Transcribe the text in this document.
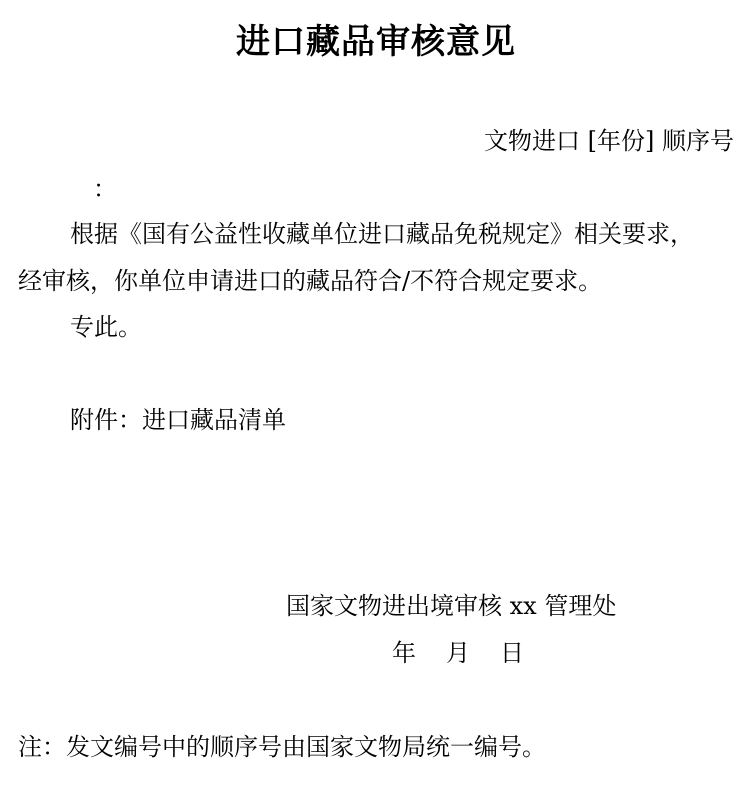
进口藏品审核意见
文物进口 [年份] 顺序号
：
根据《国有公益性收藏单位进口藏品免税规定》相关要求，
经审核，你单位申请进口的藏品符合/不符合规定要求。
专此。
附件：进口藏品清单
国家文物进出境审核 xx 管理处
年 月 日
注：发文编号中的顺序号由国家文物局统一编号。
